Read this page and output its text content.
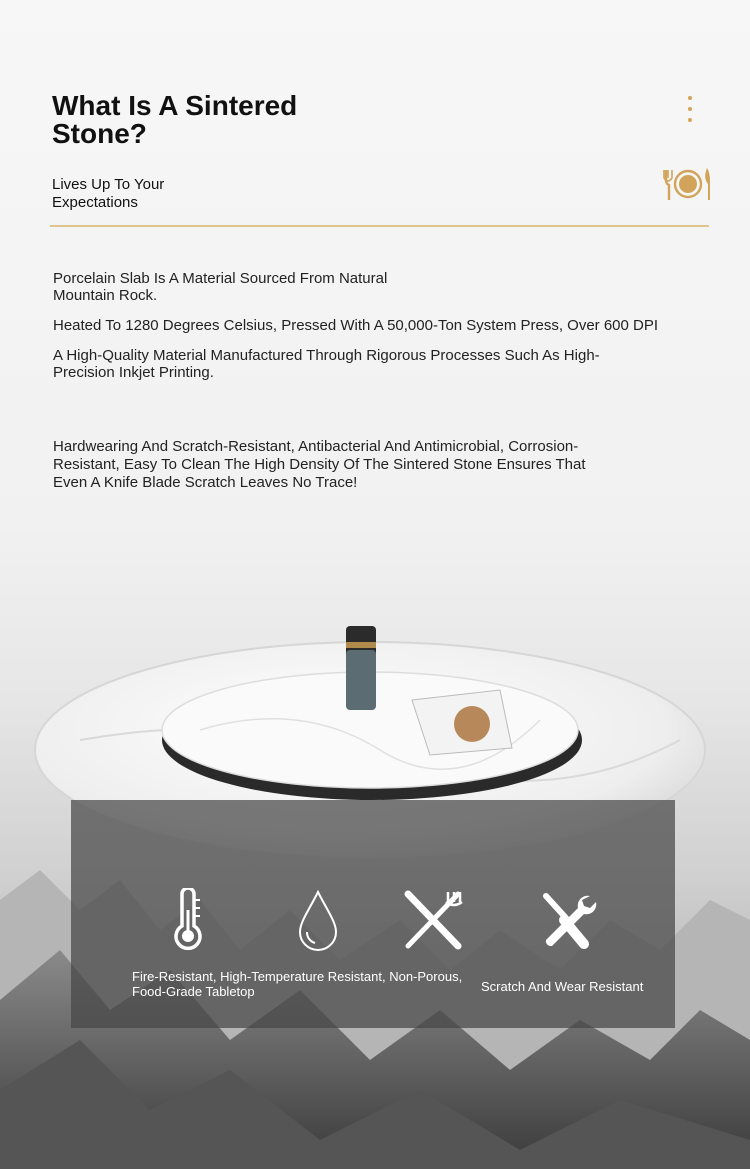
What Is A Sintered Stone?
Lives Up To Your Expectations
Porcelain Slab Is A Material Sourced From Natural Mountain Rock.
Heated To 1280 Degrees Celsius, Pressed With A 50,000-Ton System Press, Over 600 DPI
A High-Quality Material Manufactured Through Rigorous Processes Such As High-Precision Inkjet Printing.
Hardwearing And Scratch-Resistant, Antibacterial And Antimicrobial, Corrosion-Resistant, Easy To Clean The High Density Of The Sintered Stone Ensures That Even A Knife Blade Scratch Leaves No Trace!
Fire-Resistant, High-Temperature Resistant, Non-Porous, Food-Grade Tabletop	Scratch And Wear Resistant
